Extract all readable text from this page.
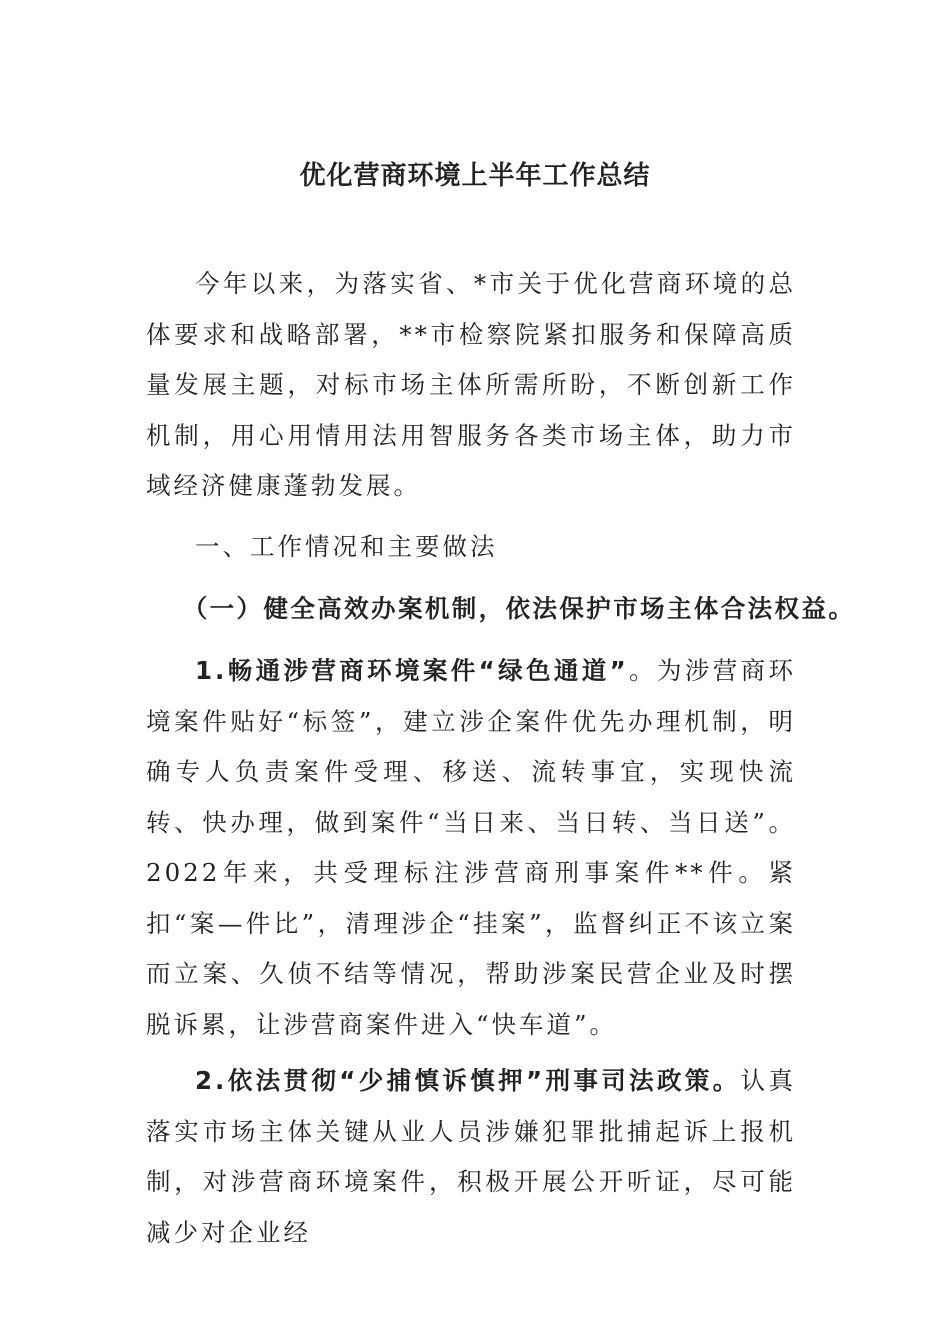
优化营商环境上半年工作总结

今年以来，为落实省、*市关于优化营商环境的总体要求和战略部署，**市检察院紧扣服务和保障高质量发展主题，对标市场主体所需所盼，不断创新工作机制，用心用情用法用智服务各类市场主体，助力市域经济健康蓬勃发展。

一、工作情况和主要做法
（一）健全高效办案机制，依法保护市场主体合法权益。

1.畅通涉营商环境案件“绿色通道”。为涉营商环境案件贴好“标签”，建立涉企案件优先办理机制，明确专人负责案件受理、移送、流转事宜，实现快流转、快办理，做到案件“当日来、当日转、当日送”。2022年来，共受理标注涉营商刑事案件**件。紧扣“案—件比”，清理涉企“挂案”，监督纠正不该立案而立案、久侦不结等情况，帮助涉案民营企业及时摆脱诉累，让涉营商案件进入“快车道”。

2.依法贯彻“少捕慎诉慎押”刑事司法政策。认真落实市场主体关键从业人员涉嫌犯罪批捕起诉上报机制，对涉营商环境案件，积极开展公开听证，尽可能减少对企业经
